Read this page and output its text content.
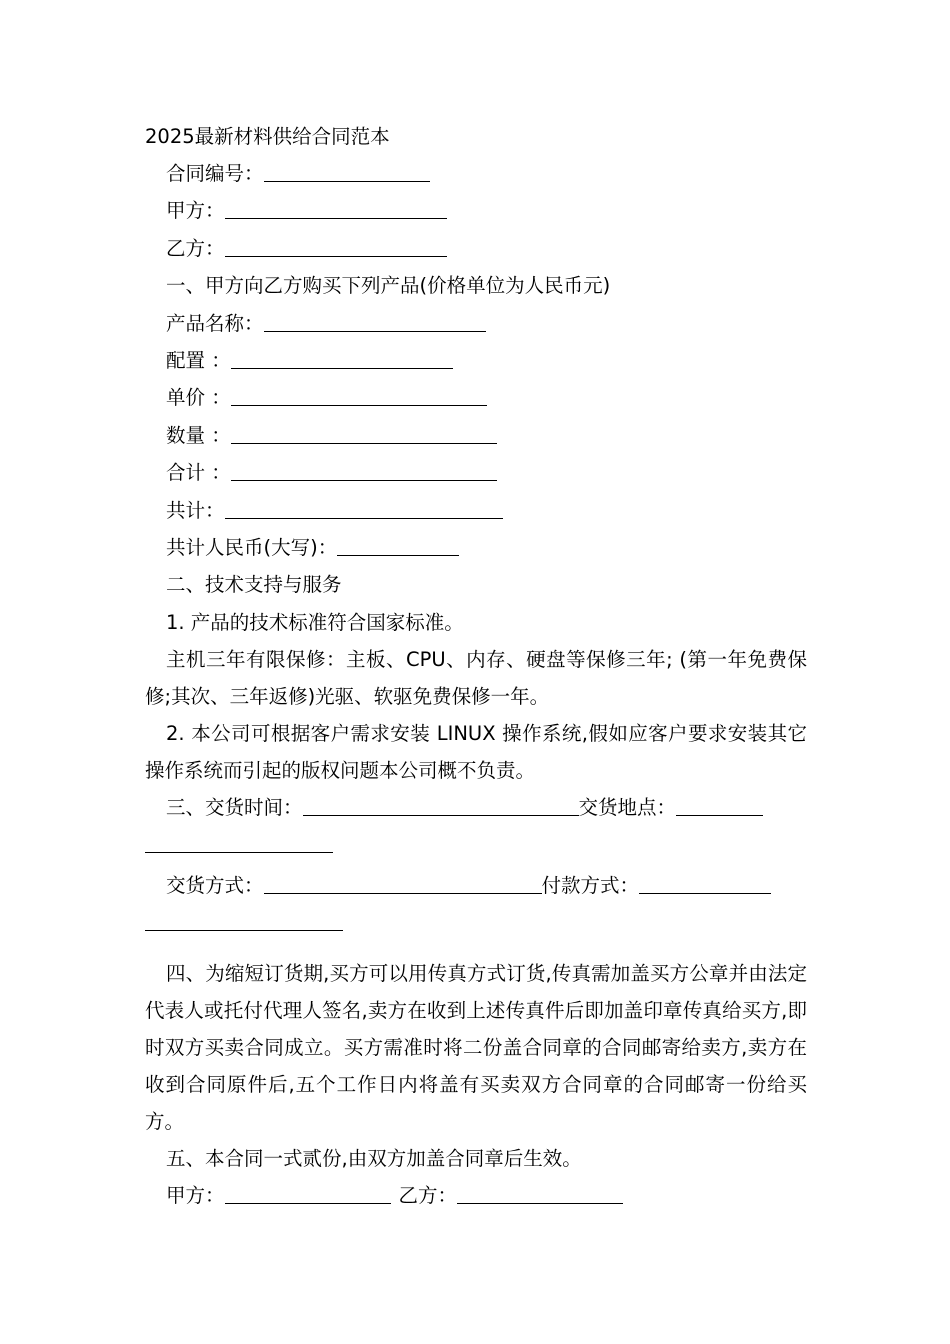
2025最新材料供给合同范本
合同编号：
甲方：
乙方：
一、甲方向乙方购买下列产品(价格单位为人民币元)
产品名称：
配置 ：
单价 ：
数量 ：
合计 ：
共计：
共计人民币(大写)：
二、技术支持与服务
1. 产品的技术标准符合国家标准。

主机三年有限保修：主板、CPU、内存、硬盘等保修三年; (第一年免费保修;其次、三年返修)光驱、软驱免费保修一年。

2. 本公司可根据客户需求安装 LINUX 操作系统,假如应客户要求安装其它操作系统而引起的版权问题本公司概不负责。

三、交货时间：	交货地点：
交货方式：	付款方式：

四、为缩短订货期,买方可以用传真方式订货,传真需加盖买方公章并由法定代表人或托付代理人签名,卖方在收到上述传真件后即加盖印章传真给买方,即时双方买卖合同成立。买方需准时将二份盖合同章的合同邮寄给卖方,卖方在收到合同原件后,五个工作日内将盖有买卖双方合同章的合同邮寄一份给买方。

五、本合同一式贰份,由双方加盖合同章后生效。
甲方：	乙方：
